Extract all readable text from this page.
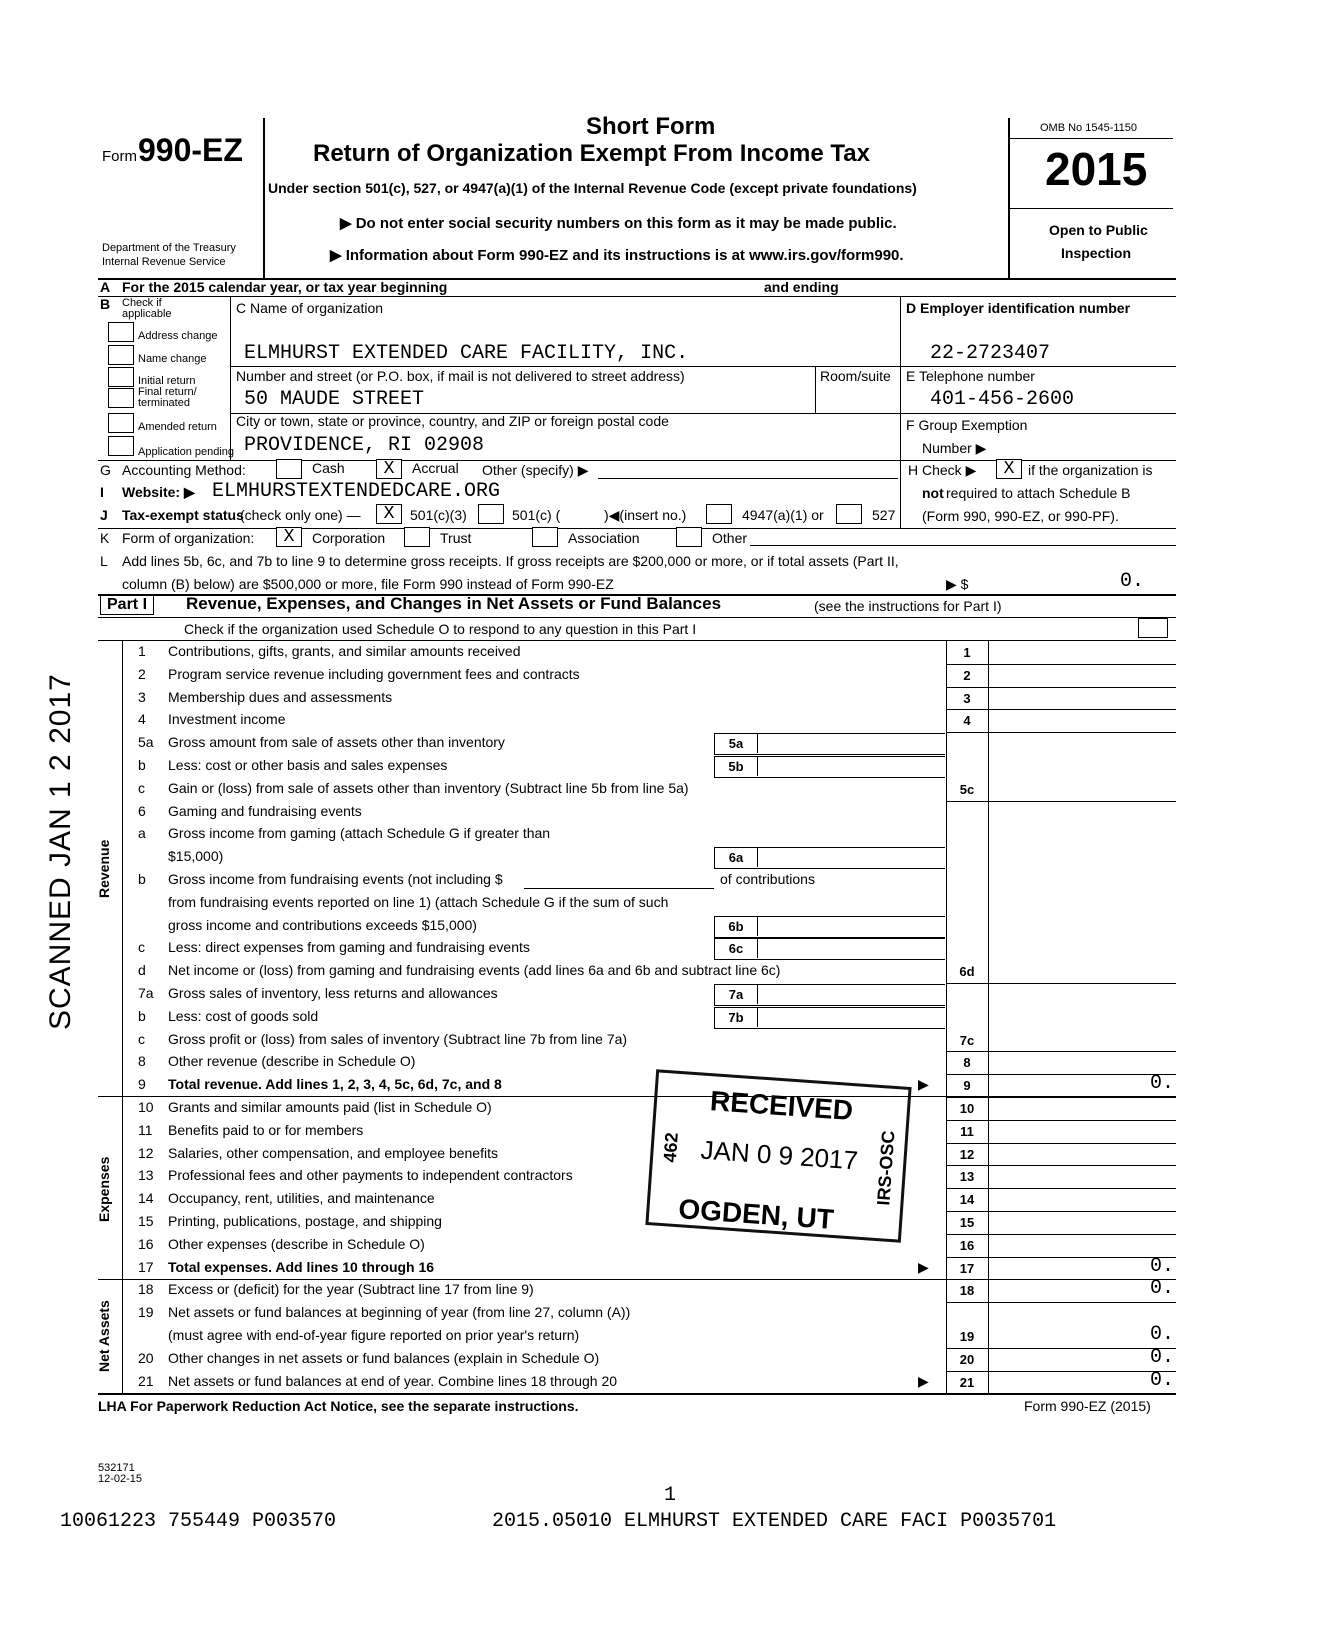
Form 990-EZ
Department of the Treasury
Internal Revenue Service
Short Form
Return of Organization Exempt From Income Tax
Under section 501(c), 527, or 4947(a)(1) of the Internal Revenue Code (except private foundations)
▶ Do not enter social security numbers on this form as it may be made public.
▶ Information about Form 990-EZ and its instructions is at www.irs.gov/form990.
OMB No 1545-1150
2015
Open to Public
Inspection
A For the 2015 calendar year, or tax year beginning	and ending
B Check if
applicable
Address change
Name change
Initial return
Final return/
terminated
Amended return
Application pending
C Name of organization
ELMHURST EXTENDED CARE FACILITY, INC.
Number and street (or P.O. box, if mail is not delivered to street address)	Room/suite
50 MAUDE STREET
City or town, state or province, country, and ZIP or foreign postal code
PROVIDENCE, RI 02908
D Employer identification number
22-2723407
E Telephone number
401-456-2600
F Group Exemption
Number ▶
G Accounting Method:	Cash	X	Accrual Other (specify) ▶	H Check ▶	X if the organization is
not required to attach Schedule B
(Form 990, 990-EZ, or 990-PF).
I Website: ▶ ELMHURSTEXTENDEDCARE.ORG
J Tax-exempt status
(check only one) —	X	501(c)(3)	501(c) (	)◀(insert no.)	4947(a)(1) or	527
K Form of organization:	X	Corporation	Trust	Association	Other
L Add lines 5b, 6c, and 7b to line 9 to determine gross receipts. If gross receipts are $200,000 or more, or if total assets (Part II,
column (B) below) are $500,000 or more, file Form 990 instead of Form 990-EZ	▶ $	0.
Part I	Revenue, Expenses, and Changes in Net Assets or Fund Balances	(see the instructions for Part I)
Check if the organization used Schedule O to respond to any question in this Part I
Revenue
Expenses
Net Assets
1 Contributions, gifts, grants, and similar amounts received	1
2 Program service revenue including government fees and contracts	2
3 Membership dues and assessments	3
4 Investment income	4
5a Gross amount from sale of assets other than inventory	5a
b Less: cost or other basis and sales expenses	5b
c Gain or (loss) from sale of assets other than inventory (Subtract line 5b from line 5a)	5c
6 Gaming and fundraising events
a Gross income from gaming (attach Schedule G if greater than
$15,000)	6a
b Gross income from fundraising events (not including $	of contributions
from fundraising events reported on line 1) (attach Schedule G if the sum of such
gross income and contributions exceeds $15,000)	6b
c Less: direct expenses from gaming and fundraising events	6c
d Net income or (loss) from gaming and fundraising events (add lines 6a and 6b and subtract line 6c)	6d
7a Gross sales of inventory, less returns and allowances	7a
b Less: cost of goods sold	7b
c Gross profit or (loss) from sales of inventory (Subtract line 7b from line 7a)	7c
8 Other revenue (describe in Schedule O)	8
9 Total revenue. Add lines 1, 2, 3, 4, 5c, 6d, 7c, and 8	▶	9	0.
10 Grants and similar amounts paid (list in Schedule O)	10
11 Benefits paid to or for members	11
12 Salaries, other compensation, and employee benefits	12
13 Professional fees and other payments to independent contractors	13
14 Occupancy, rent, utilities, and maintenance	14
15 Printing, publications, postage, and shipping	15
16 Other expenses (describe in Schedule O)	16
17 Total expenses. Add lines 10 through 16	▶	17	0.
18 Excess or (deficit) for the year (Subtract line 17 from line 9)	18	0.
19 Net assets or fund balances at beginning of year (from line 27, column (A))
(must agree with end-of-year figure reported on prior year's return)	19	0.
20 Other changes in net assets or fund balances (explain in Schedule O)	20	0.
21 Net assets or fund balances at end of year. Combine lines 18 through 20	▶	21	0.
RECEIVED
JAN 0 9 2017
OGDEN, UT
462	IRS-OSC
SCANNED JAN 1 2 2017
LHA For Paperwork Reduction Act Notice, see the separate instructions.	Form 990-EZ (2015)
532171
12-02-15
1
10061223 755449 P003570	2015.05010 ELMHURST EXTENDED CARE FACI P0035701
